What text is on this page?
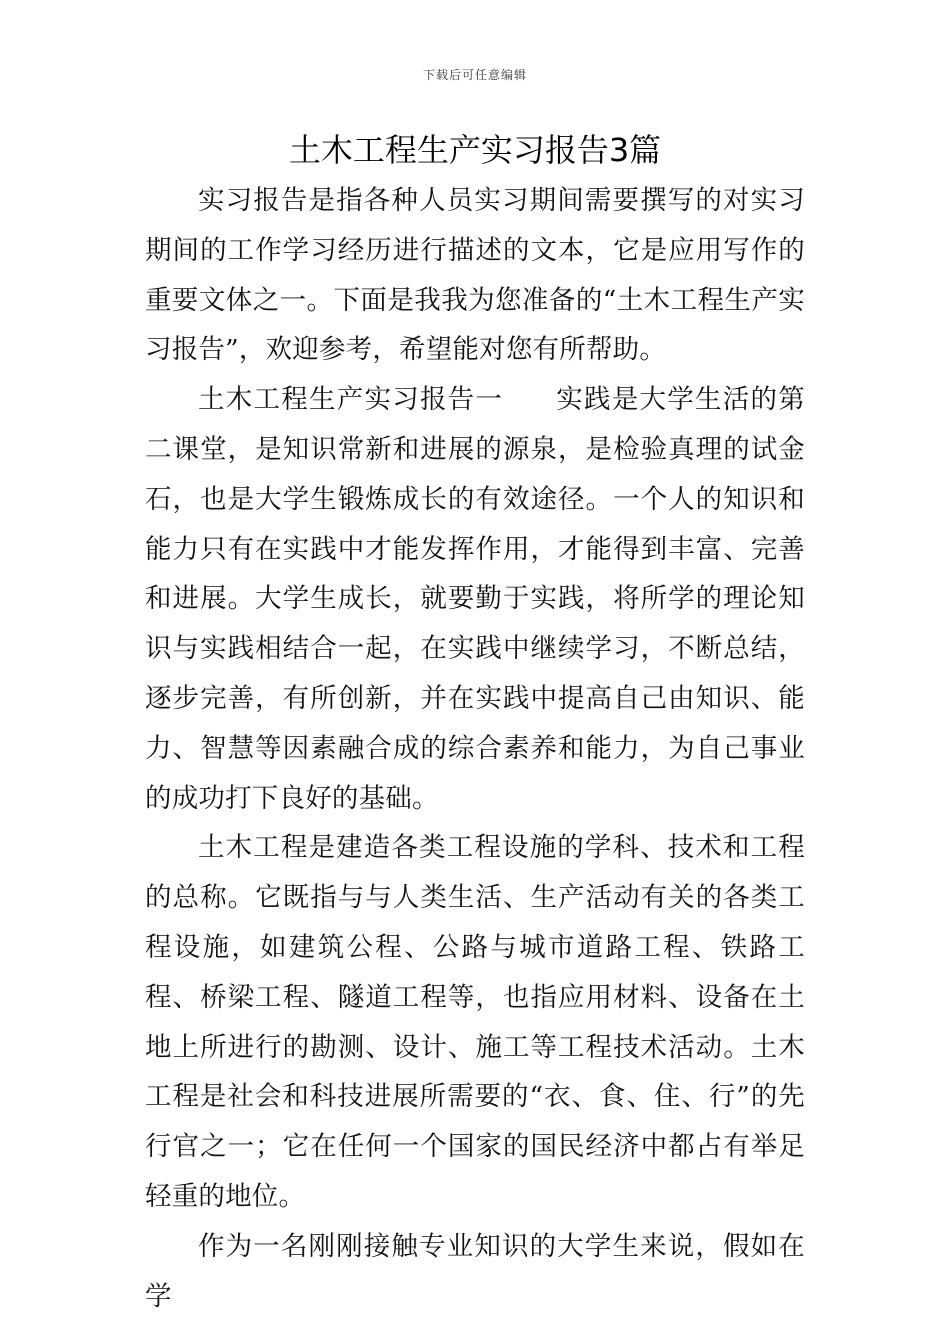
下载后可任意编辑
土木工程生产实习报告3篇

实习报告是指各种人员实习期间需要撰写的对实习期间的工作学习经历进行描述的文本，它是应用写作的重要文体之一。下面是我我为您准备的“土木工程生产实习报告”，欢迎参考，希望能对您有所帮助。

土木工程生产实习报告一 实践是大学生活的第二课堂，是知识常新和进展的源泉，是检验真理的试金石，也是大学生锻炼成长的有效途径。一个人的知识和能力只有在实践中才能发挥作用，才能得到丰富、完善和进展。大学生成长，就要勤于实践，将所学的理论知识与实践相结合一起，在实践中继续学习，不断总结，逐步完善，有所创新，并在实践中提高自己由知识、能力、智慧等因素融合成的综合素养和能力，为自己事业的成功打下良好的基础。

土木工程是建造各类工程设施的学科、技术和工程的总称。它既指与与人类生活、生产活动有关的各类工程设施，如建筑公程、公路与城市道路工程、铁路工程、桥梁工程、隧道工程等，也指应用材料、设备在土地上所进行的勘测、设计、施工等工程技术活动。土木工程是社会和科技进展所需要的“衣、食、住、行”的先行官之一；它在任何一个国家的国民经济中都占有举足轻重的地位。

作为一名刚刚接触专业知识的大学生来说，假如在学
